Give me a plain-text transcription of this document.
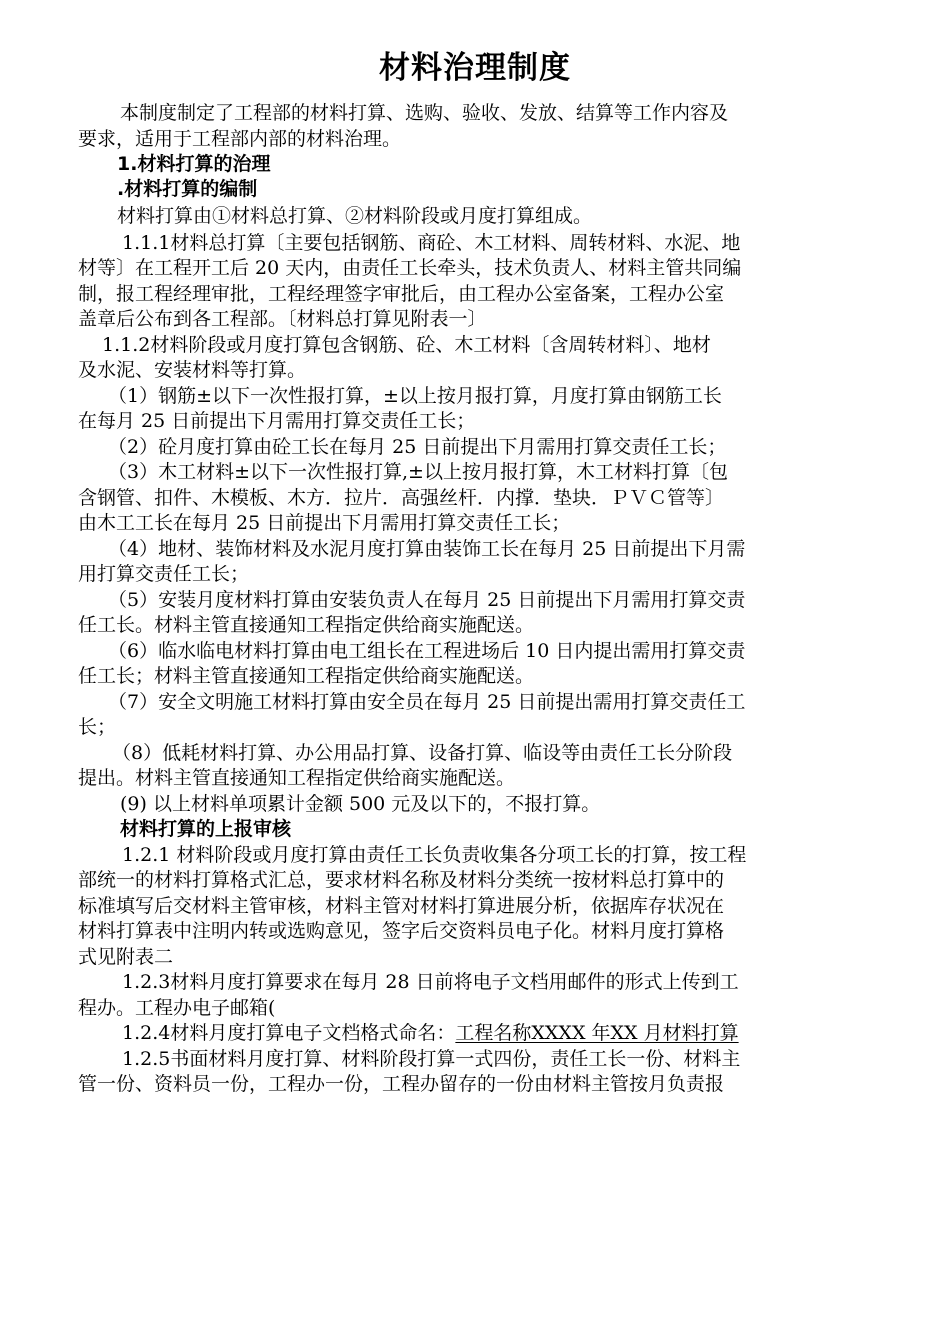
材料治理制度
本制度制定了工程部的材料打算、选购、验收、发放、结算等工作内容及
要求，适用于工程部内部的材料治理。
1.材料打算的治理
.材料打算的编制
材料打算由①材料总打算、②材料阶段或月度打算组成。
1.1.1材料总打算〔主要包括钢筋、商砼、木工材料、周转材料、水泥、地
材等〕在工程开工后 20 天内，由责任工长牵头，技术负责人、材料主管共同编
制，报工程经理审批，工程经理签字审批后，由工程办公室备案，工程办公室
盖章后公布到各工程部。〔材料总打算见附表一〕
1.1.2材料阶段或月度打算包含钢筋、砼、木工材料〔含周转材料〕、地材
及水泥、安装材料等打算。
（1）钢筋±以下一次性报打算，±以上按月报打算，月度打算由钢筋工长
在每月 25 日前提出下月需用打算交责任工长；
（2）砼月度打算由砼工长在每月 25 日前提出下月需用打算交责任工长；
（3）木工材料±以下一次性报打算,±以上按月报打算，木工材料打算〔包
含钢管、扣件、木模板、木方．拉片．高强丝杆．内撑．垫块．ＰＶＣ管等〕
由木工工长在每月 25 日前提出下月需用打算交责任工长；
（4）地材、装饰材料及水泥月度打算由装饰工长在每月 25 日前提出下月需
用打算交责任工长；
（5）安装月度材料打算由安装负责人在每月 25 日前提出下月需用打算交责
任工长。材料主管直接通知工程指定供给商实施配送。
（6）临水临电材料打算由电工组长在工程进场后 10 日内提出需用打算交责
任工长；材料主管直接通知工程指定供给商实施配送。
（7）安全文明施工材料打算由安全员在每月 25 日前提出需用打算交责任工
长；
（8）低耗材料打算、办公用品打算、设备打算、临设等由责任工长分阶段
提出。材料主管直接通知工程指定供给商实施配送。
(9) 以上材料单项累计金额 500 元及以下的，不报打算。
材料打算的上报审核
1.2.1 材料阶段或月度打算由责任工长负责收集各分项工长的打算，按工程
部统一的材料打算格式汇总，要求材料名称及材料分类统一按材料总打算中的
标准填写后交材料主管审核，材料主管对材料打算进展分析，依据库存状况在
材料打算表中注明内转或选购意见，签字后交资料员电子化。材料月度打算格
式见附表二
1.2.3材料月度打算要求在每月 28 日前将电子文档用邮件的形式上传到工
程办。工程办电子邮箱(
1.2.4材料月度打算电子文档格式命名：工程名称XXXX 年XX 月材料打算
1.2.5书面材料月度打算、材料阶段打算一式四份，责任工长一份、材料主
管一份、资料员一份，工程办一份，工程办留存的一份由材料主管按月负责报
